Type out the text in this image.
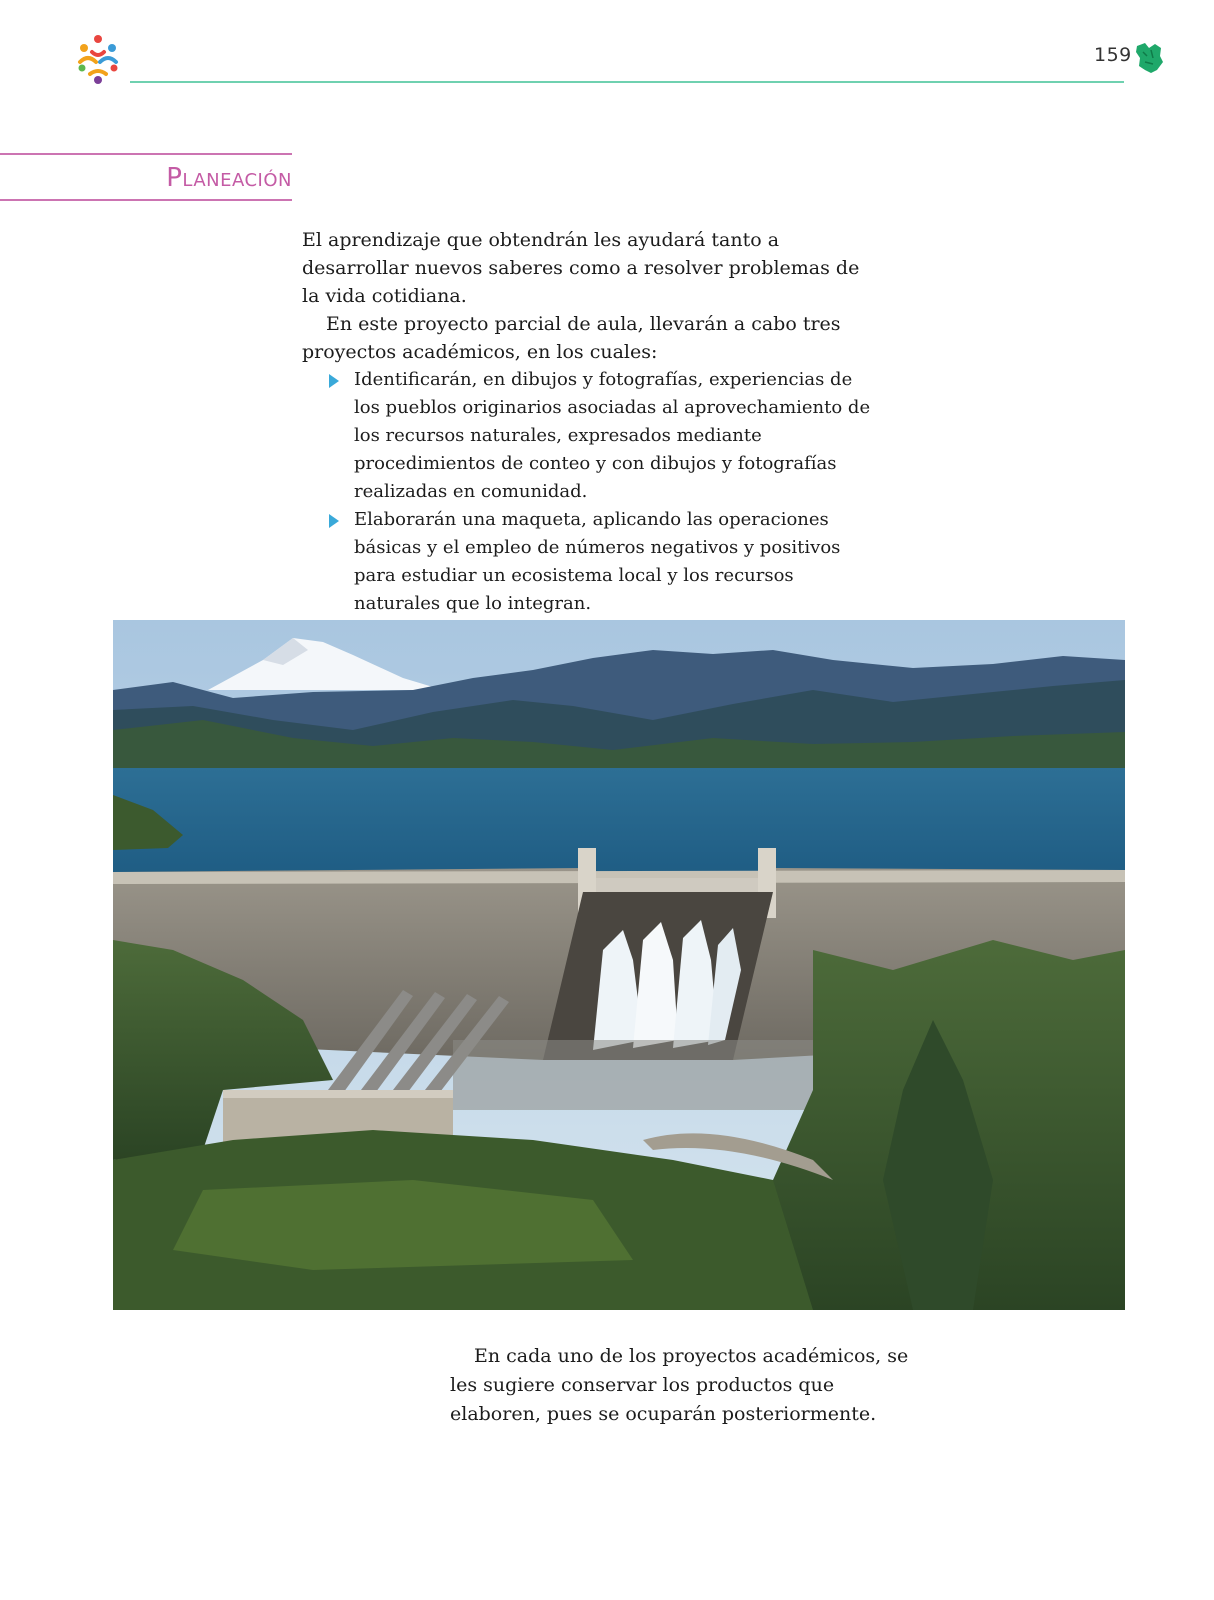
159
Planeación

El aprendizaje que obtendrán les ayudará tanto a desarrollar nuevos saberes como a resolver problemas de la vida cotidiana.

En este proyecto parcial de aula, llevarán a cabo tres proyectos académicos, en los cuales:

Identificarán, en dibujos y fotografías, experiencias de los pueblos originarios asociadas al aprovechamiento de los recursos naturales, expresados mediante procedimientos de conteo y con dibujos y fotografías realizadas en comunidad.
Elaborarán una maqueta, aplicando las operaciones básicas y el empleo de números negativos y positivos para estudiar un ecosistema local y los recursos naturales que lo integran.

En cada uno de los proyectos académicos, se les sugiere conservar los productos que elaboren, pues se ocuparán posteriormente.
